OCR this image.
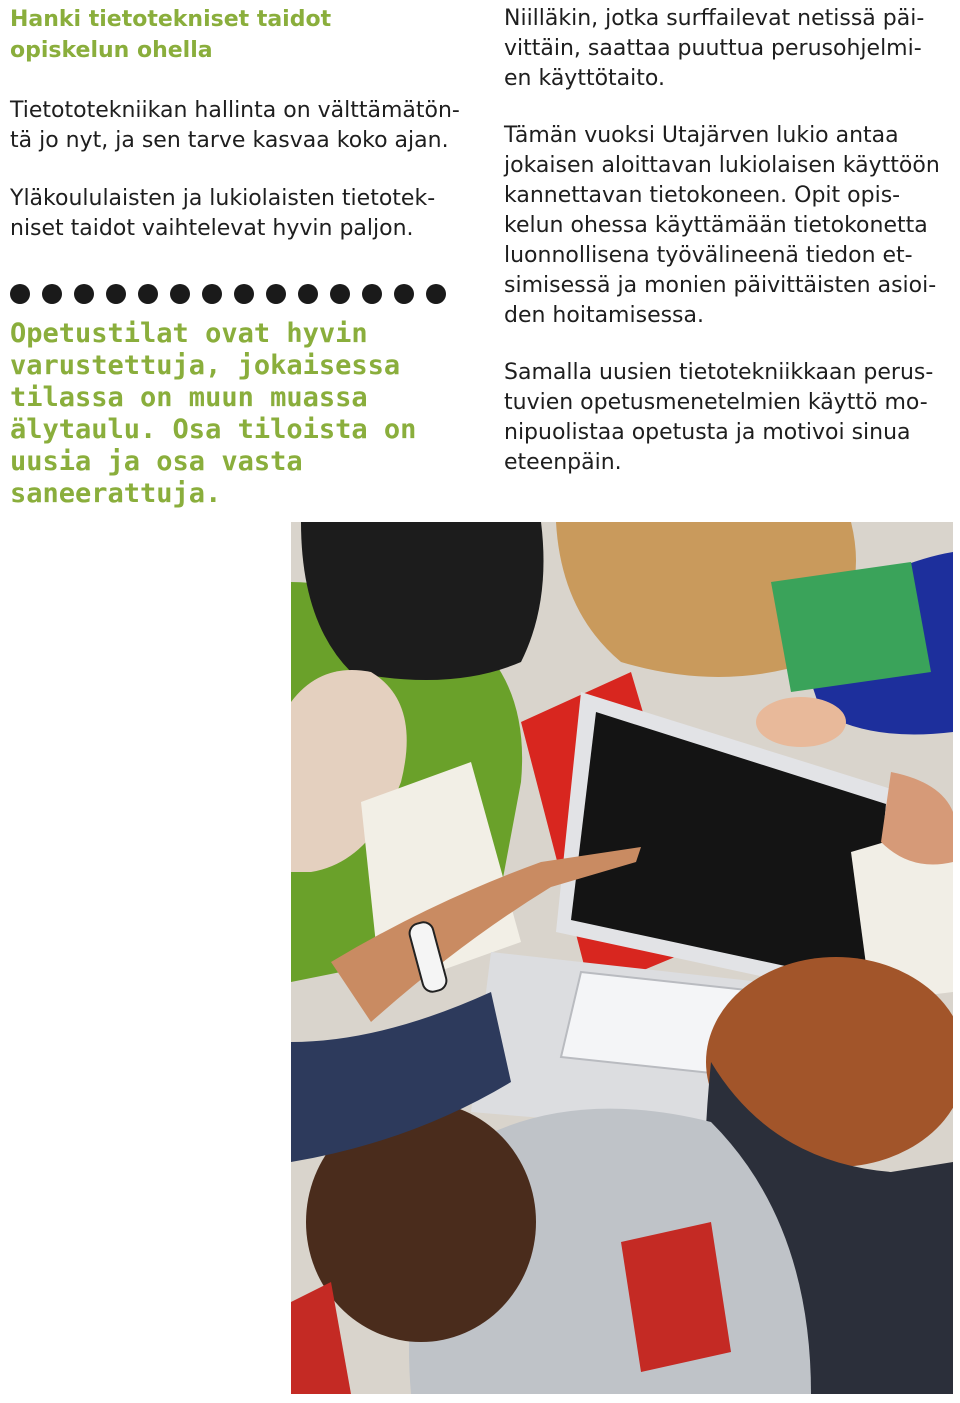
Hanki tietotekniset taidot opiskelun ohella

Tietototekniikan hallinta on välttämätön- tä jo nyt, ja sen tarve kasvaa koko ajan.

Yläkoululaisten ja lukiolaisten tietotek- niset taidot vaihtelevat hyvin paljon.

Opetustilat ovat hyvin varustettuja, jokaisessa tilassa on muun muassa älytaulu. Osa tiloista on uusia ja osa vasta saneerattuja.

Niilläkin, jotka surffailevat netissä päi- vittäin, saattaa puuttua perusohjelmi- en käyttötaito.

Tämän vuoksi Utajärven lukio antaa jokaisen aloittavan lukiolaisen käyttöön kannettavan tietokoneen. Opit opis- kelun ohessa käyttämään tietokonetta luonnollisena työvälineenä tiedon et- simisessä ja monien päivittäisten asioi- den hoitamisessa.

Samalla uusien tietotekniikkaan perus- tuvien opetusmenetelmien käyttö mo- nipuolistaa opetusta ja motivoi sinua eteenpäin.
